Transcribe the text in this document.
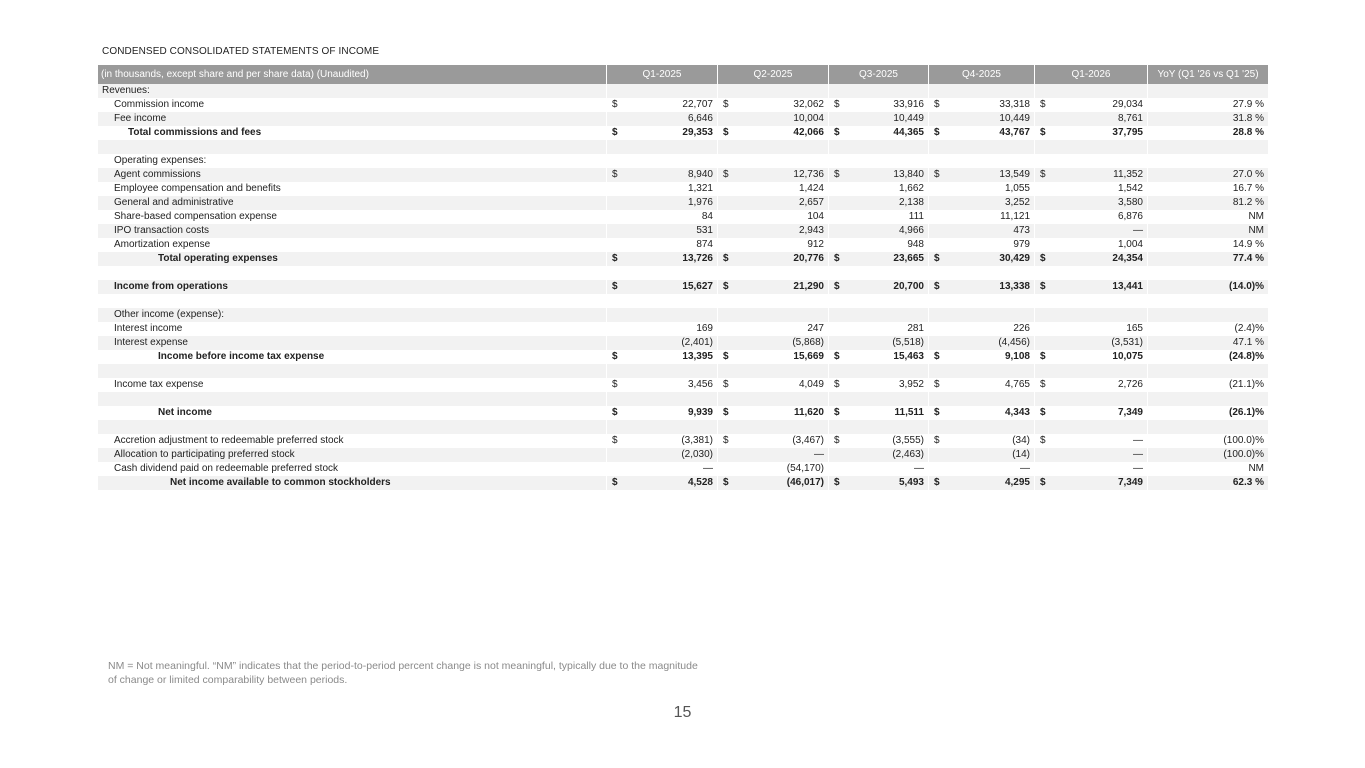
CONDENSED CONSOLIDATED STATEMENTS OF INCOME
(in thousands, except share and per share data) (Unaudited)	Q1-2025	Q2-2025	Q3-2025	Q4-2025	Q1-2026	YoY (Q1 '26 vs Q1 '25)
Revenues:	

Commission income	$ 22,707	$ 32,062	$ 33,916	$ 33,318	$ 29,034	27.9 %
Fee income	6,646	10,004	10,449	10,449	8,761	31.8 %
Total commissions and fees	$ 29,353	$ 42,066	$ 44,365	$ 43,767	$ 37,795	28.8 %

Operating expenses:	

Agent commissions	$ 8,940	$ 12,736	$ 13,840	$ 13,549	$ 11,352	27.0 %
Employee compensation and benefits	1,321	1,424	1,662	1,055	1,542	16.7 %
General and administrative	1,976	2,657	2,138	3,252	3,580	81.2 %
Share-based compensation expense	84	104	111	11,121	6,876	NM
IPO transaction costs	531	2,943	4,966	473	—	NM
Amortization expense	874	912	948	979	1,004	14.9 %
Total operating expenses	$ 13,726	$ 20,776	$ 23,665	$ 30,429	$ 24,354	77.4 %

Income from operations	$ 15,627	$ 21,290	$ 20,700	$ 13,338	$ 13,441	(14.0)%

Other income (expense):	

Interest income	169	247	281	226	165	(2.4)%
Interest expense	(2,401)	(5,868)	(5,518)	(4,456)	(3,531)	47.1 %
Income before income tax expense	$ 13,395	$ 15,669	$ 15,463	$ 9,108	$ 10,075	(24.8)%

Income tax expense	$ 3,456	$ 4,049	$ 3,952	$ 4,765	$ 2,726	(21.1)%

Net income	$ 9,939	$ 11,620	$ 11,511	$ 4,343	$ 7,349	(26.1)%

Accretion adjustment to redeemable preferred stock	$ (3,381)	$ (3,467)	$ (3,555)	$ (34)	$ —	(100.0)%
Allocation to participating preferred stock	(2,030)	—	(2,463)	(14)	—	(100.0)%
Cash dividend paid on redeemable preferred stock	—	(54,170)	—	—	—	NM
Net income available to common stockholders	$ 4,528	$ (46,017)	$ 5,493	$ 4,295	$ 7,349	62.3 %
NM = Not meaningful. “NM” indicates that the period-to-period percent change is not meaningful, typically due to the magnitude of change or limited comparability between periods.
15
